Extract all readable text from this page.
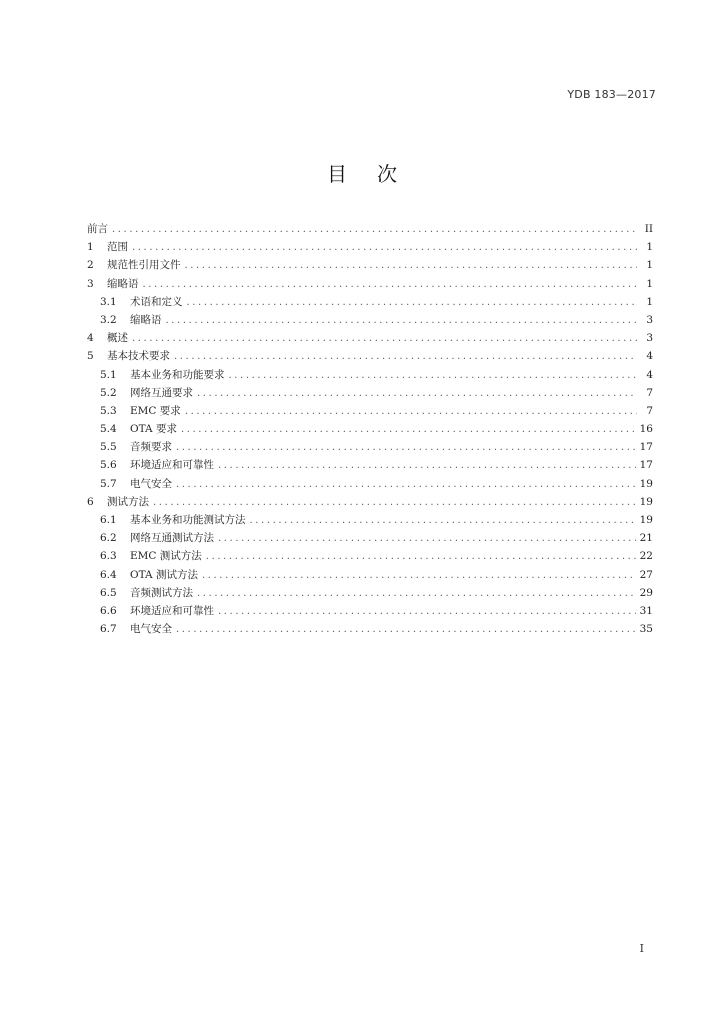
YDB 183—2017
目次
前言 .....	II
1	范围 .....	1
2	规范性引用文件 .....	1
3	缩略语 .....	1
3.1	术语和定义 .....	1
3.2	缩略语 .....	3
4	概述 .....	3
5	基本技术要求 .....	4
5.1	基本业务和功能要求 .....	4
5.2	网络互通要求 .....	7
5.3	EMC 要求 .....	7
5.4	OTA 要求 .....	16
5.5	音频要求 .....	17
5.6	环境适应和可靠性 .....	17
5.7	电气安全 .....	19
6	测试方法 .....	19
6.1	基本业务和功能测试方法 .....	19
6.2	网络互通测试方法 .....	21
6.3	EMC 测试方法 .....	22
6.4	OTA 测试方法 .....	27
6.5	音频测试方法 .....	29
6.6	环境适应和可靠性 .....	31
6.7	电气安全 .....	35
I
